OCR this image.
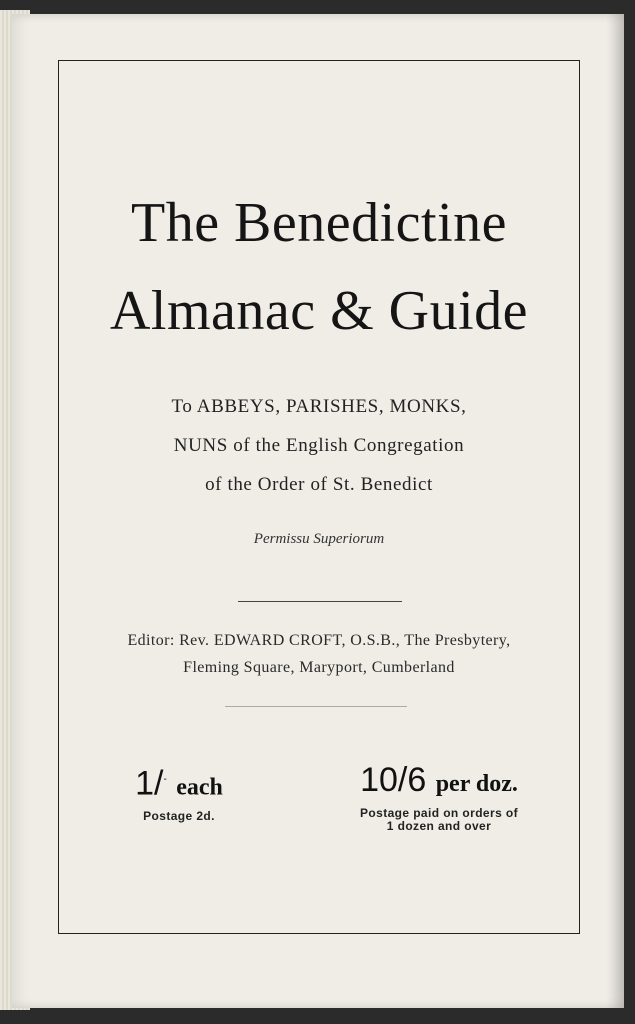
The Benedictine
Almanac & Guide
To ABBEYS, PARISHES, MONKS,
NUNS of the English Congregation
of the Order of St. Benedict
Permissu Superiorum
Editor: Rev. EDWARD CROFT, O.S.B., The Presbytery,
Fleming Square, Maryport, Cumberland
1/- each
Postage 2d.
10/6 per doz.
Postage paid on orders of
1 dozen and over
